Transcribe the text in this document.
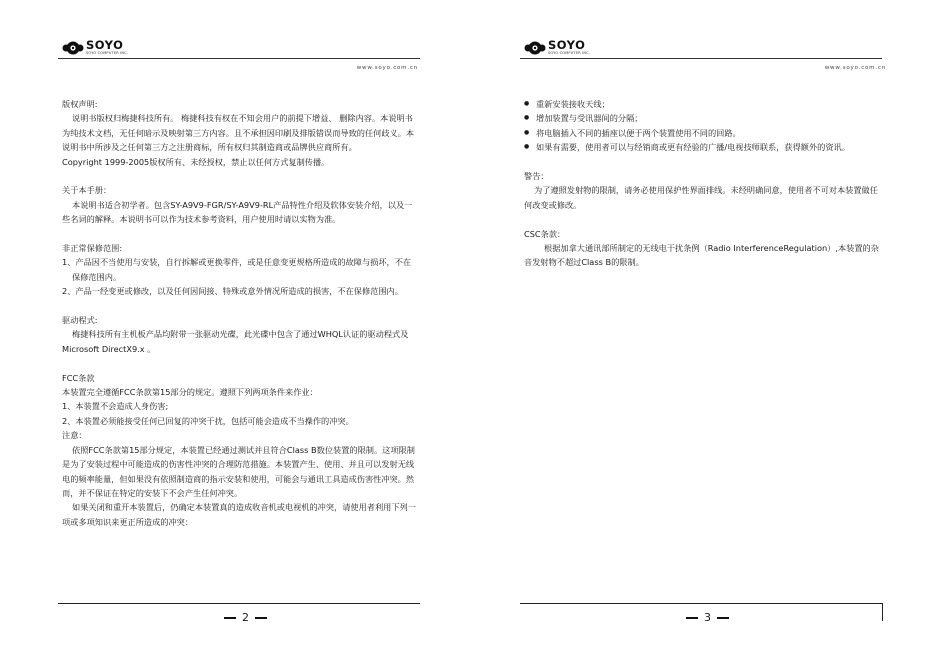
SOYO
SOYO COMPUTER INC.
www.soyo.com.cn

版权声明:

说明书版权归梅捷科技所有。 梅捷科技有权在不知会用户的前提下增益、 删除内容。本说明书为纯技术文档，无任何暗示及映射第三方内容。且不承担因印刷及排版错误而导致的任何歧义。本说明书中所涉及之任何第三方之注册商标，所有权归其制造商或品牌供应商所有。

Copyright 1999-2005版权所有、未经授权，禁止以任何方式复制传播。

关于本手册：

本说明书适合初学者。包含SY-A9V9-FGR/SY-A9V9-RL产品特性介绍及软体安装介绍，以及一些名词的解释。本说明书可以作为技术参考资料，用户使用时请以实物为准。

非正常保修范围:

1、产品因不当使用与安装，自行拆解或更换零件，或是任意变更规格所造成的故障与损坏，不在保修范围内。

2、产品一经变更或修改，以及任何因间接、特殊或意外情况所造成的损害，不在保修范围内。

驱动程式:

梅捷科技所有主机板产品均附带一张驱动光碟，此光碟中包含了通过WHQL认证的驱动程式及Microsoft DirectX9.x 。

FCC条款

本装置完全遵循FCC条款第15部分的规定。遵照下列两项条件来作业：

1、本装置不会造成人身伤害;

2、本装置必须能接受任何已回复的冲突干扰，包括可能会造成不当操作的冲突。

注意：

依照FCC条款第15部分规定，本装置已经通过测试并且符合Class B数位装置的限制。这项限制是为了安装过程中可能造成的伤害性冲突的合理防范措施。本装置产生、使用、并且可以发射无线电的频率能量，但如果没有依照制造商的指示安装和使用，可能会与通讯工具造成伤害性冲突。然而，并不保证在特定的安装下不会产生任何冲突。

如果关闭和重开本装置后，仍确定本装置真的造成收音机或电视机的冲突，请使用者利用下列一项或多项知识来更正所造成的冲突：

2
SOYO
SOYO COMPUTER INC.
www.soyo.com.cn
● 重新安装接收天线；
● 增加装置与受讯器间的分隔；
● 将电脑插入不同的插座以便于两个装置使用不同的回路。
● 如果有需要，使用者可以与经销商或更有经验的广播/电视技师联系，获得额外的资讯。

警告：

为了遵照发射物的限制，请务必使用保护性界面排线。未经明确同意，使用者不可对本装置做任何改变或修改。

CSC条款：

根据加拿大通讯部所制定的无线电干扰条例（Radio InterferenceRegulation）,本装置的杂音发射物不超过Class B的限制。

3
